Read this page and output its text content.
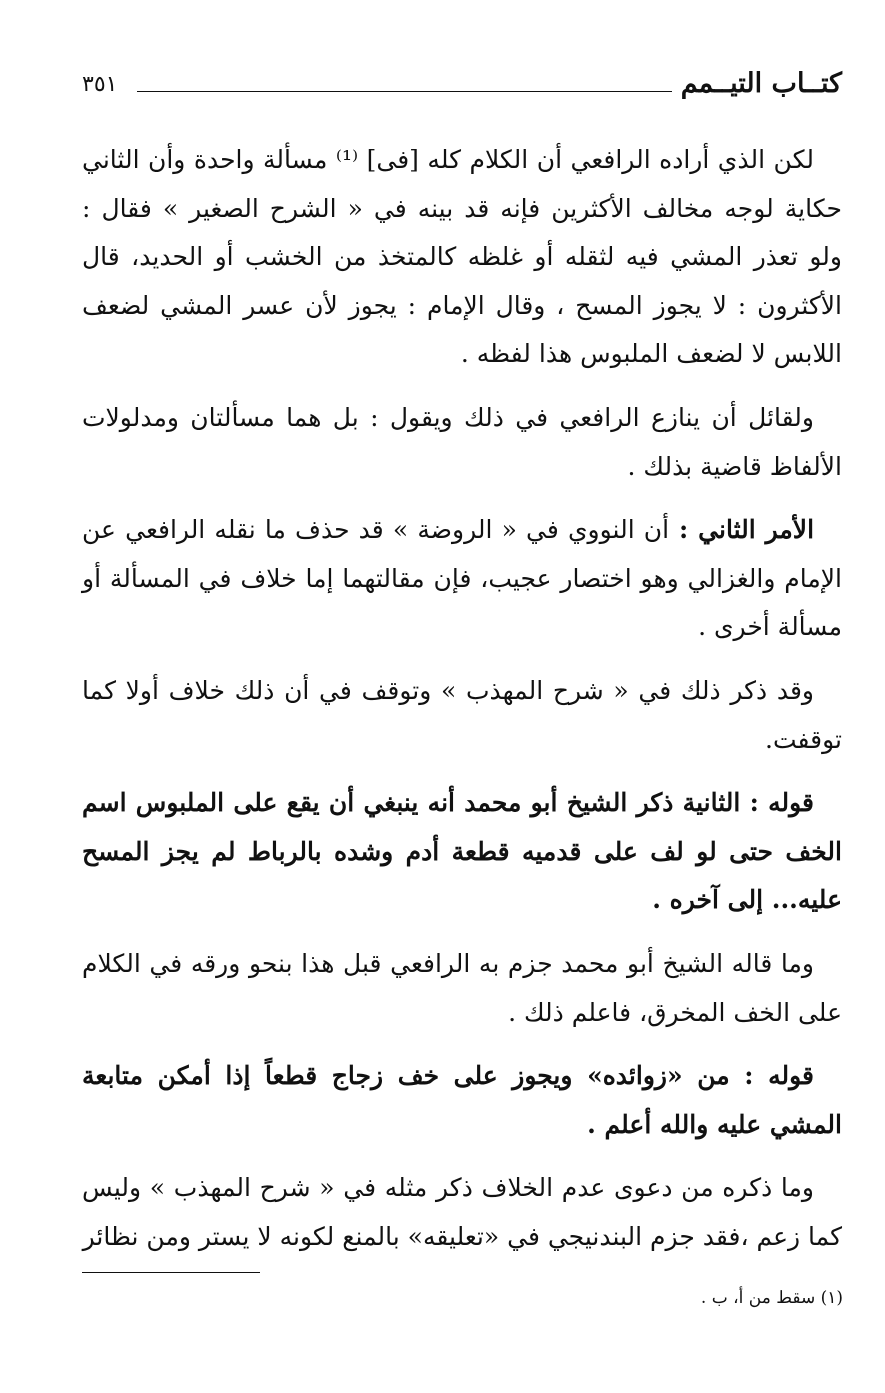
كتــاب التيــمم
٣٥١

لكن الذي أراده الرافعي أن الكلام كله [فى] ⁽¹⁾ مسألة واحدة وأن الثاني حكاية لوجه مخالف الأكثرين فإنه قد بينه في « الشرح الصغير » فقال : ولو تعذر المشي فيه لثقله أو غلظه كالمتخذ من الخشب أو الحديد، قال الأكثرون : لا يجوز المسح ، وقال الإمام : يجوز لأن عسر المشي لضعف اللابس لا لضعف الملبوس هذا لفظه .

ولقائل أن ينازع الرافعي في ذلك ويقول : بل هما مسألتان ومدلولات الألفاظ قاضية بذلك .

الأمر الثاني : أن النووي في « الروضة » قد حذف ما نقله الرافعي عن الإمام والغزالي وهو اختصار عجيب، فإن مقالتهما إما خلاف في المسألة أو مسألة أخرى .

وقد ذكر ذلك في « شرح المهذب » وتوقف في أن ذلك خلاف أولا كما توقفت.

قوله : الثانية ذكر الشيخ أبو محمد أنه ينبغي أن يقع على الملبوس اسم الخف حتى لو لف على قدميه قطعة أدم وشده بالرباط لم يجز المسح عليه... إلى آخره .

وما قاله الشيخ أبو محمد جزم به الرافعي قبل هذا بنحو ورقه في الكلام على الخف المخرق، فاعلم ذلك .

قوله : من «زوائده» ويجوز على خف زجاج قطعاً إذا أمكن متابعة المشي عليه والله أعلم .

وما ذكره من دعوى عدم الخلاف ذكر مثله في « شرح المهذب » وليس كما زعم ،فقد جزم البندنيجي في «تعليقه» بالمنع لكونه لا يستر ومن نظائر

(١) سقط من أ، ب .
